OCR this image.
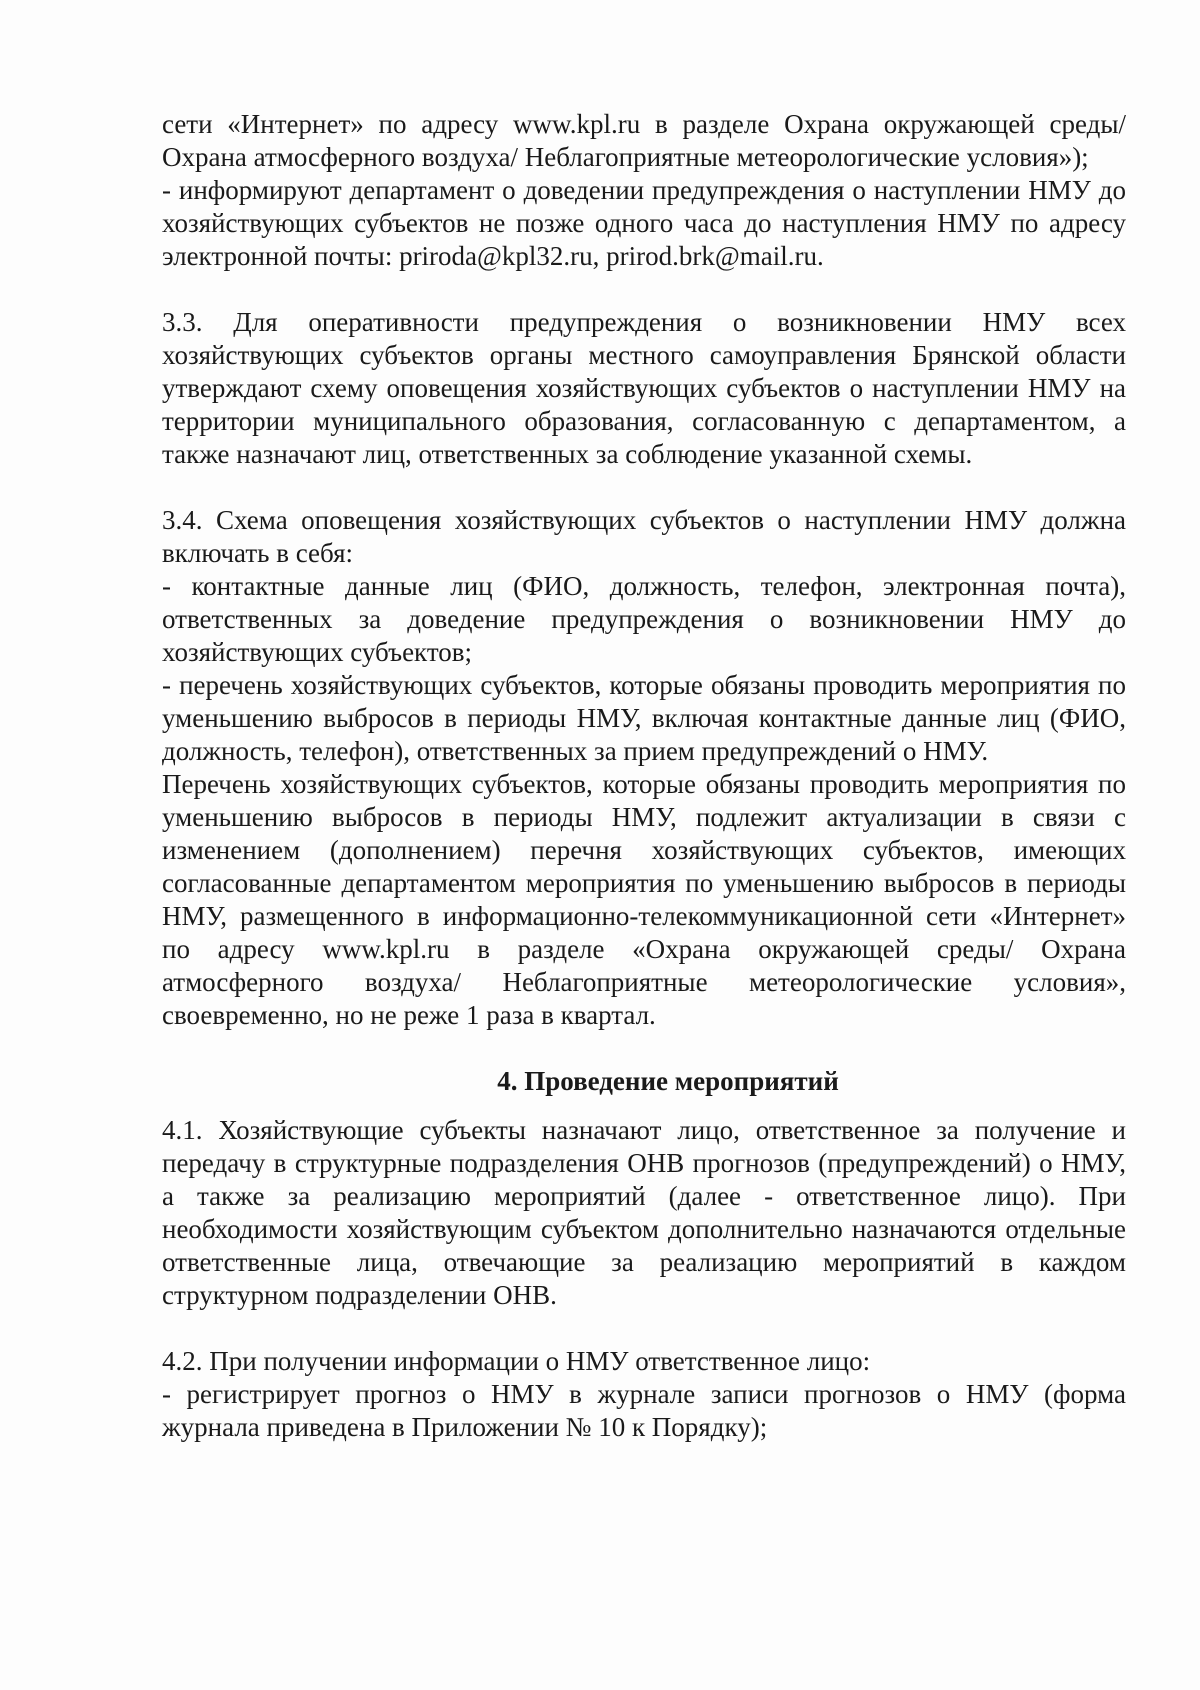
сети «Интернет» по адресу www.kpl.ru в разделе Охрана окружающей среды/ Охрана атмосферного воздуха/ Неблагоприятные метеорологические условия»);

- информируют департамент о доведении предупреждения о наступлении НМУ до хозяйствующих субъектов не позже одного часа до наступления НМУ по адресу электронной почты: priroda@kpl32.ru, prirod.brk@mail.ru.

3.3. Для оперативности предупреждения о возникновении НМУ всех хозяйствующих субъектов органы местного самоуправления Брянской области утверждают схему оповещения хозяйствующих субъектов о наступлении НМУ на территории муниципального образования, согласованную с департаментом, а также назначают лиц, ответственных за соблюдение указанной схемы.

3.4. Схема оповещения хозяйствующих субъектов о наступлении НМУ должна включать в себя:

- контактные данные лиц (ФИО, должность, телефон, электронная почта), ответственных за доведение предупреждения о возникновении НМУ до хозяйствующих субъектов;

- перечень хозяйствующих субъектов, которые обязаны проводить мероприятия по уменьшению выбросов в периоды НМУ, включая контактные данные лиц (ФИО, должность, телефон), ответственных за прием предупреждений о НМУ.

Перечень хозяйствующих субъектов, которые обязаны проводить мероприятия по уменьшению выбросов в периоды НМУ, подлежит актуализации в связи с изменением (дополнением) перечня хозяйствующих субъектов, имеющих согласованные департаментом мероприятия по уменьшению выбросов в периоды НМУ, размещенного в информационно-телекоммуникационной сети «Интернет» по адресу www.kpl.ru в разделе «Охрана окружающей среды/ Охрана атмосферного воздуха/ Неблагоприятные метеорологические условия», своевременно, но не реже 1 раза в квартал.

4. Проведение мероприятий

4.1. Хозяйствующие субъекты назначают лицо, ответственное за получение и передачу в структурные подразделения ОНВ прогнозов (предупреждений) о НМУ, а также за реализацию мероприятий (далее - ответственное лицо). При необходимости хозяйствующим субъектом дополнительно назначаются отдельные ответственные лица, отвечающие за реализацию мероприятий в каждом структурном подразделении ОНВ.

4.2. При получении информации о НМУ ответственное лицо:

- регистрирует прогноз о НМУ в журнале записи прогнозов о НМУ (форма журнала приведена в Приложении № 10 к Порядку);
